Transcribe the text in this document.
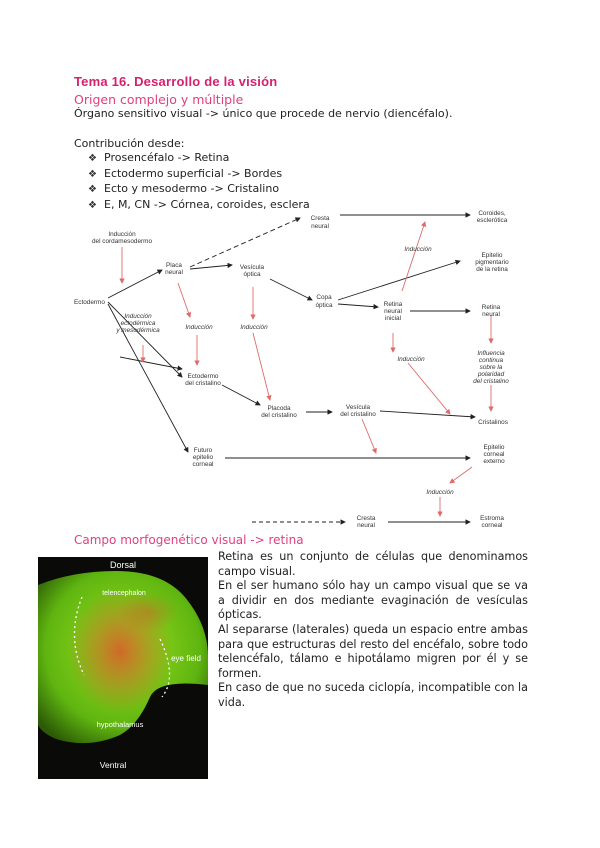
Tema 16. Desarrollo de la visión
Origen complejo y múltiple
Órgano sensitivo visual -> único que procede de nervio (diencéfalo).
Contribución desde:
❖ Prosencéfalo -> Retina
❖ Ectodermo superficial -> Bordes
❖ Ecto y mesodermo -> Cristalino
❖ E, M, CN -> Córnea, coroides, esclera
Inducción
del cordamesodermo
Ectodermo
Placa
neural
Cresta
neural
Vesícula
óptica
Copa
óptica
Coroides,
esclerótica
Epitelio
pigmentario
de la retina
Inducción
Retina
neural
inicial
Retina
neural
Inducción
ectodérmica
y mesodérmica	Inducción	Inducción
Ectodermo
del cristalino
Inducción
Influencia
continua
sobre la
polaridad
del cristalino
Placoda
del cristalino
Vesícula
del cristalino
Cristalinos
Futuro
epitelio
corneal
Epitelio
corneal
externo
Inducción
Cresta
neural
Estroma
corneal
Campo morfogenético visual -> retina
Dorsal
telencephalon
eye field
hypothalamus
Ventral

Retina es un conjunto de células que denominamos campo visual.

En el ser humano sólo hay un campo visual que se va a dividir en dos mediante evaginación de vesículas ópticas.

Al separarse (laterales) queda un espacio entre ambas para que estructuras del resto del encéfalo, sobre todo telencéfalo, tálamo e hipotálamo migren por él y se formen.

En caso de que no suceda ciclopía, incompatible con la vida.
